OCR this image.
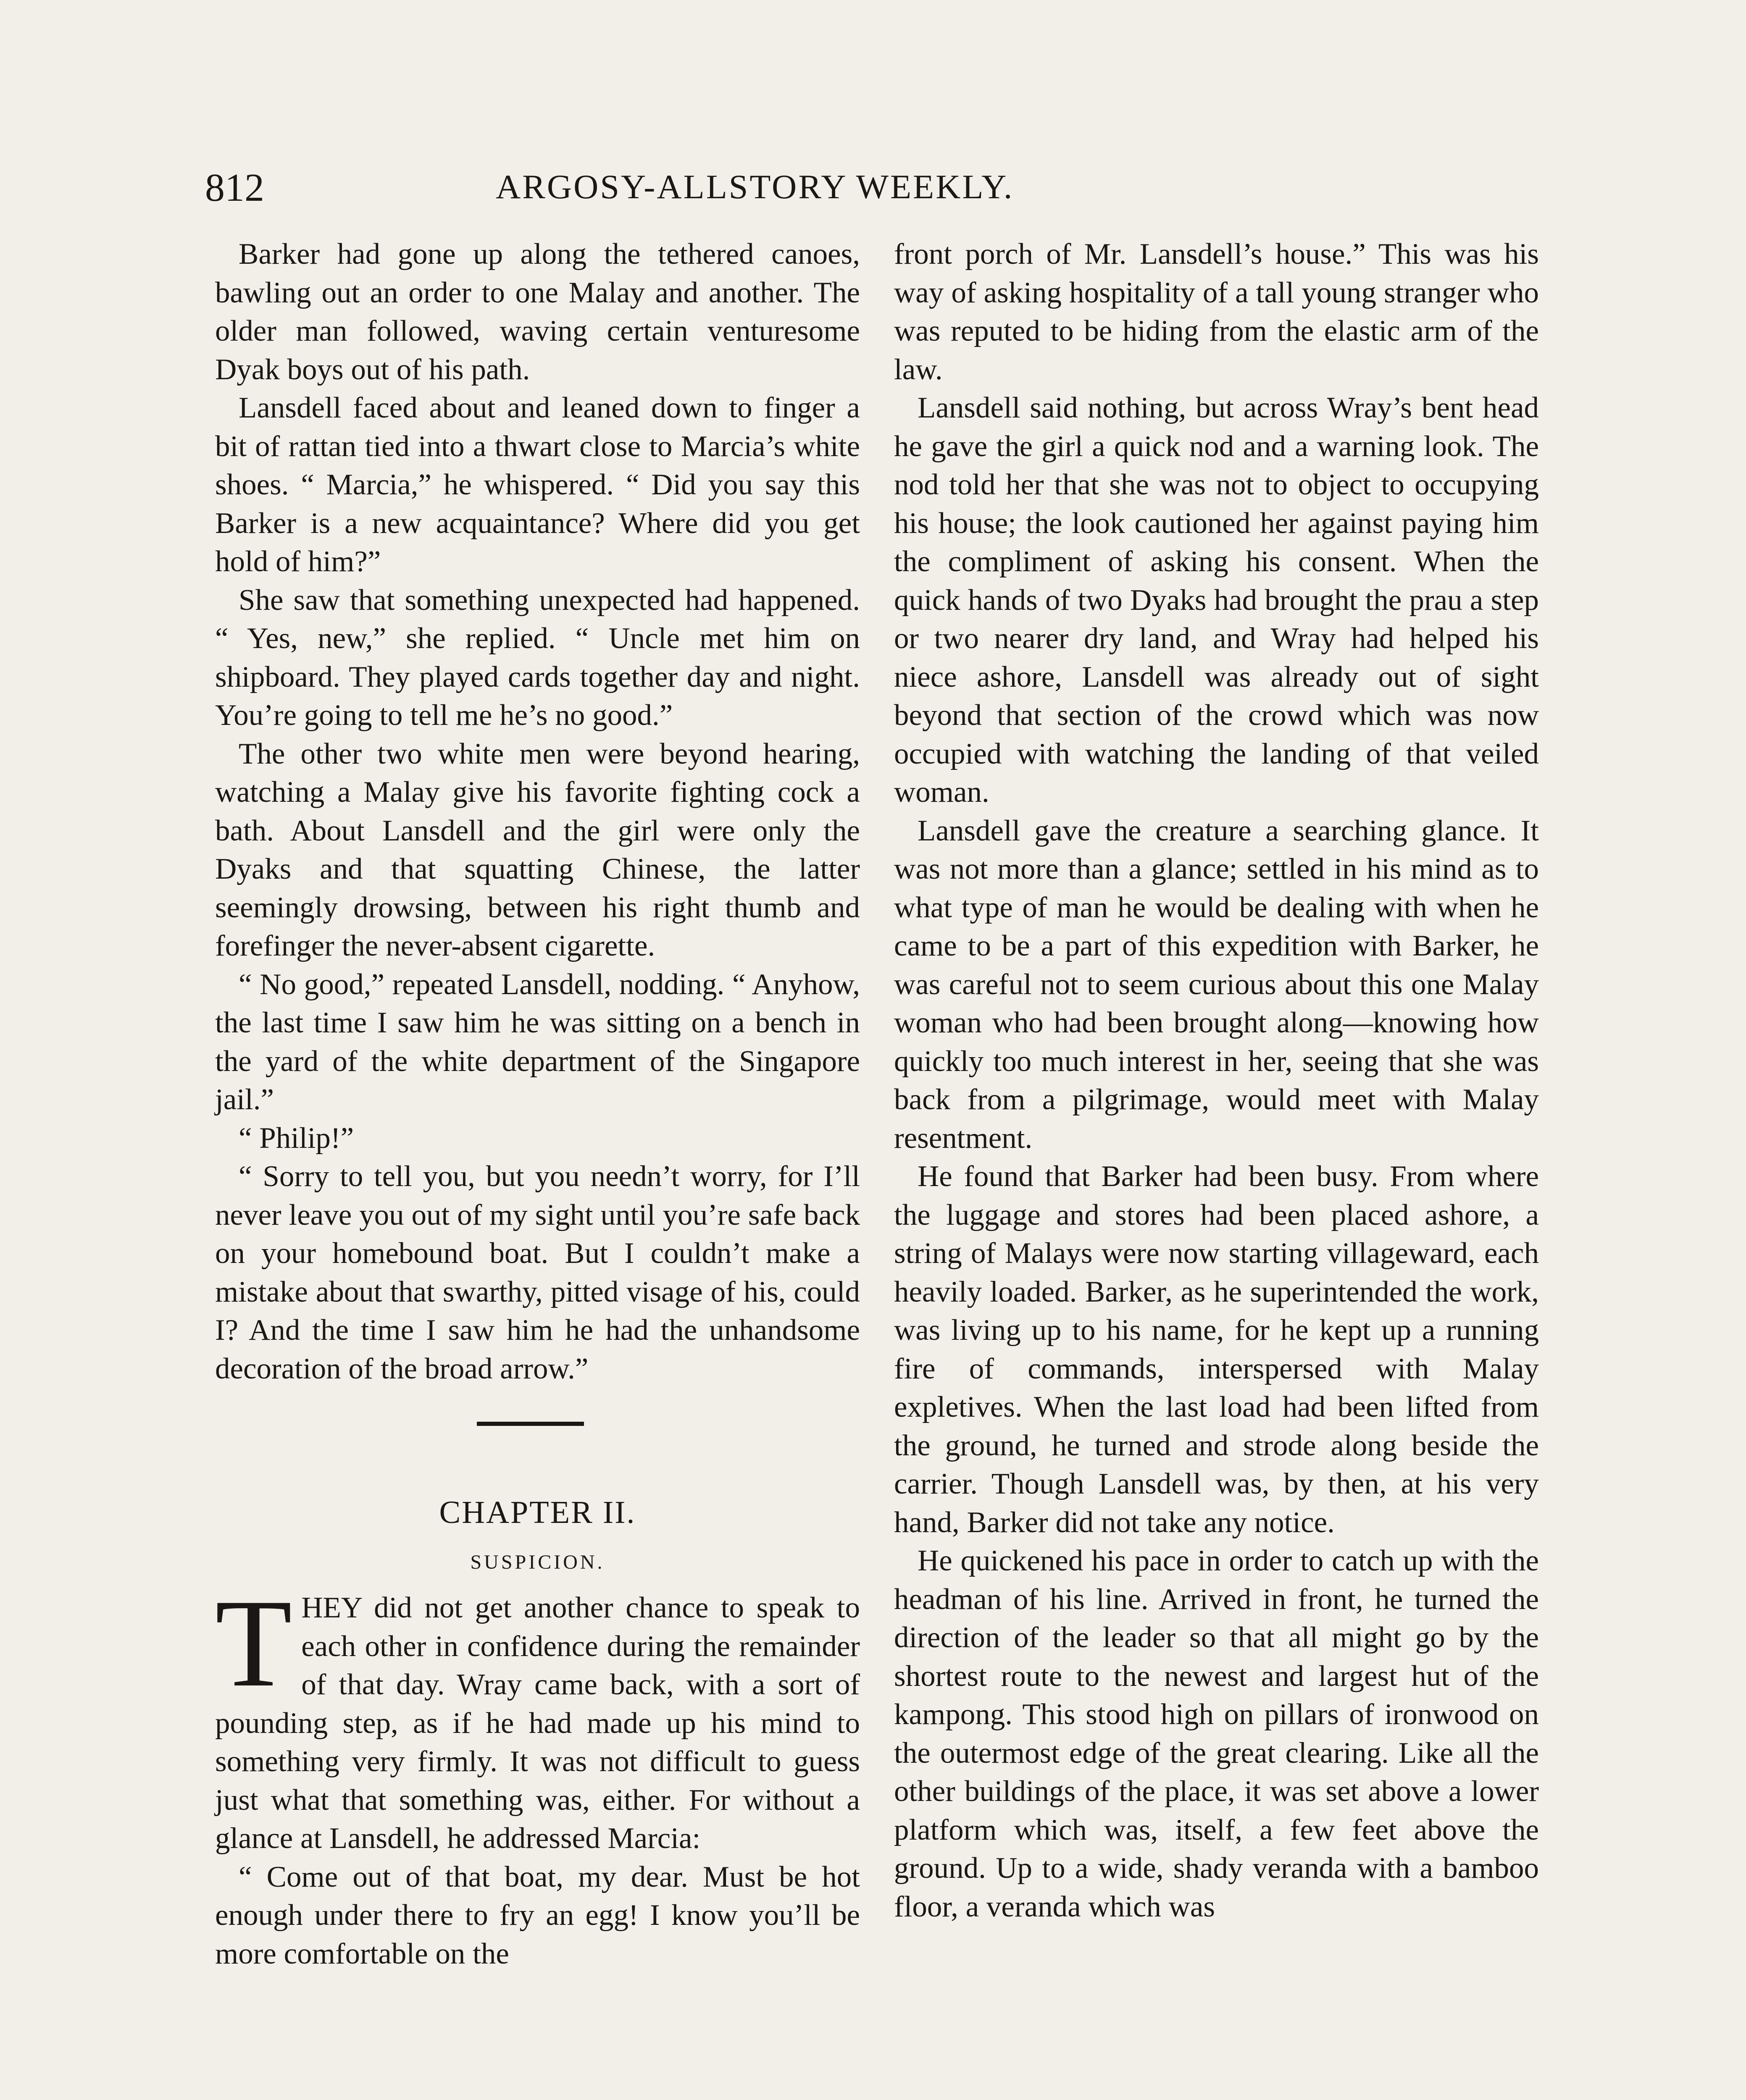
812	ARGOSY-ALLSTORY WEEKLY.

Barker had gone up along the tethered canoes, bawling out an order to one Malay and another. The older man followed, waving certain venturesome Dyak boys out of his path.

Lansdell faced about and leaned down to finger a bit of rattan tied into a thwart close to Marcia’s white shoes. “ Marcia,” he whispered. “ Did you say this Barker is a new acquaintance? Where did you get hold of him?”

She saw that something unexpected had happened. “ Yes, new,” she replied. “ Uncle met him on shipboard. They played cards together day and night. You’re going to tell me he’s no good.”

The other two white men were beyond hearing, watching a Malay give his favorite fighting cock a bath. About Lansdell and the girl were only the Dyaks and that squatting Chinese, the latter seemingly drowsing, between his right thumb and forefinger the never-absent cigarette.

“ No good,” repeated Lansdell, nodding. “ Anyhow, the last time I saw him he was sitting on a bench in the yard of the white department of the Singapore jail.”

“ Philip!”

“ Sorry to tell you, but you needn’t worry, for I’ll never leave you out of my sight until you’re safe back on your homebound boat. But I couldn’t make a mistake about that swarthy, pitted visage of his, could I? And the time I saw him he had the unhandsome decoration of the broad arrow.”

CHAPTER II.
SUSPICION.

T HEY did not get another chance to speak to each other in confidence during the remainder of that day. Wray came back, with a sort of pounding step, as if he had made up his mind to something very firmly. It was not difficult to guess just what that something was, either. For without a glance at Lansdell, he addressed Marcia:

“ Come out of that boat, my dear. Must be hot enough under there to fry an egg! I know you’ll be more comfortable on the

front porch of Mr. Lansdell’s house.” This was his way of asking hospitality of a tall young stranger who was reputed to be hiding from the elastic arm of the law.

Lansdell said nothing, but across Wray’s bent head he gave the girl a quick nod and a warning look. The nod told her that she was not to object to occupying his house; the look cautioned her against paying him the compliment of asking his consent. When the quick hands of two Dyaks had brought the prau a step or two nearer dry land, and Wray had helped his niece ashore, Lansdell was already out of sight beyond that section of the crowd which was now occupied with watching the landing of that veiled woman.

Lansdell gave the creature a searching glance. It was not more than a glance; settled in his mind as to what type of man he would be dealing with when he came to be a part of this expedition with Barker, he was careful not to seem curious about this one Malay woman who had been brought along—knowing how quickly too much interest in her, seeing that she was back from a pilgrimage, would meet with Malay resentment.

He found that Barker had been busy. From where the luggage and stores had been placed ashore, a string of Malays were now starting villageward, each heavily loaded. Barker, as he superintended the work, was living up to his name, for he kept up a running fire of commands, interspersed with Malay expletives. When the last load had been lifted from the ground, he turned and strode along beside the carrier. Though Lansdell was, by then, at his very hand, Barker did not take any notice.

He quickened his pace in order to catch up with the headman of his line. Arrived in front, he turned the direction of the leader so that all might go by the shortest route to the newest and largest hut of the kampong. This stood high on pillars of ironwood on the outermost edge of the great clearing. Like all the other buildings of the place, it was set above a lower platform which was, itself, a few feet above the ground. Up to a wide, shady veranda with a bamboo floor, a veranda which was
